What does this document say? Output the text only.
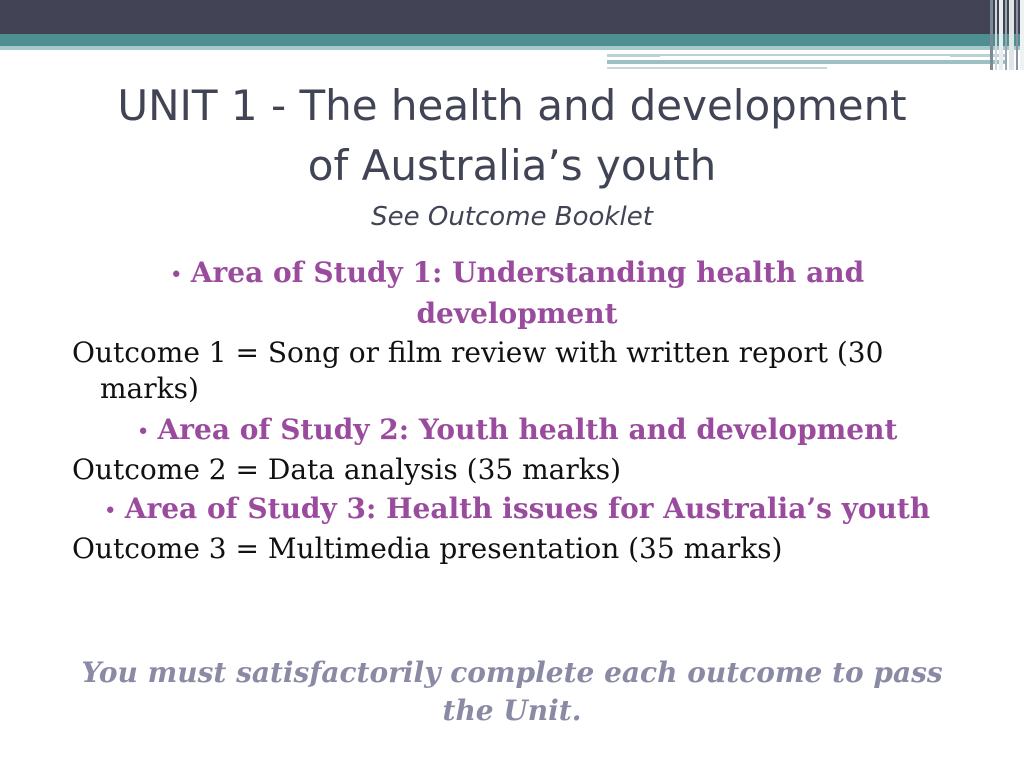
UNIT 1 - The health and development
of Australia’s youth
See Outcome Booklet
• Area of Study 1: Understanding health and development
Outcome 1 = Song or film review with written report (30 marks)
• Area of Study 2: Youth health and development
Outcome 2 = Data analysis (35 marks)
• Area of Study 3: Health issues for Australia’s youth
Outcome 3 = Multimedia presentation (35 marks)
You must satisfactorily complete each outcome to pass the Unit.
